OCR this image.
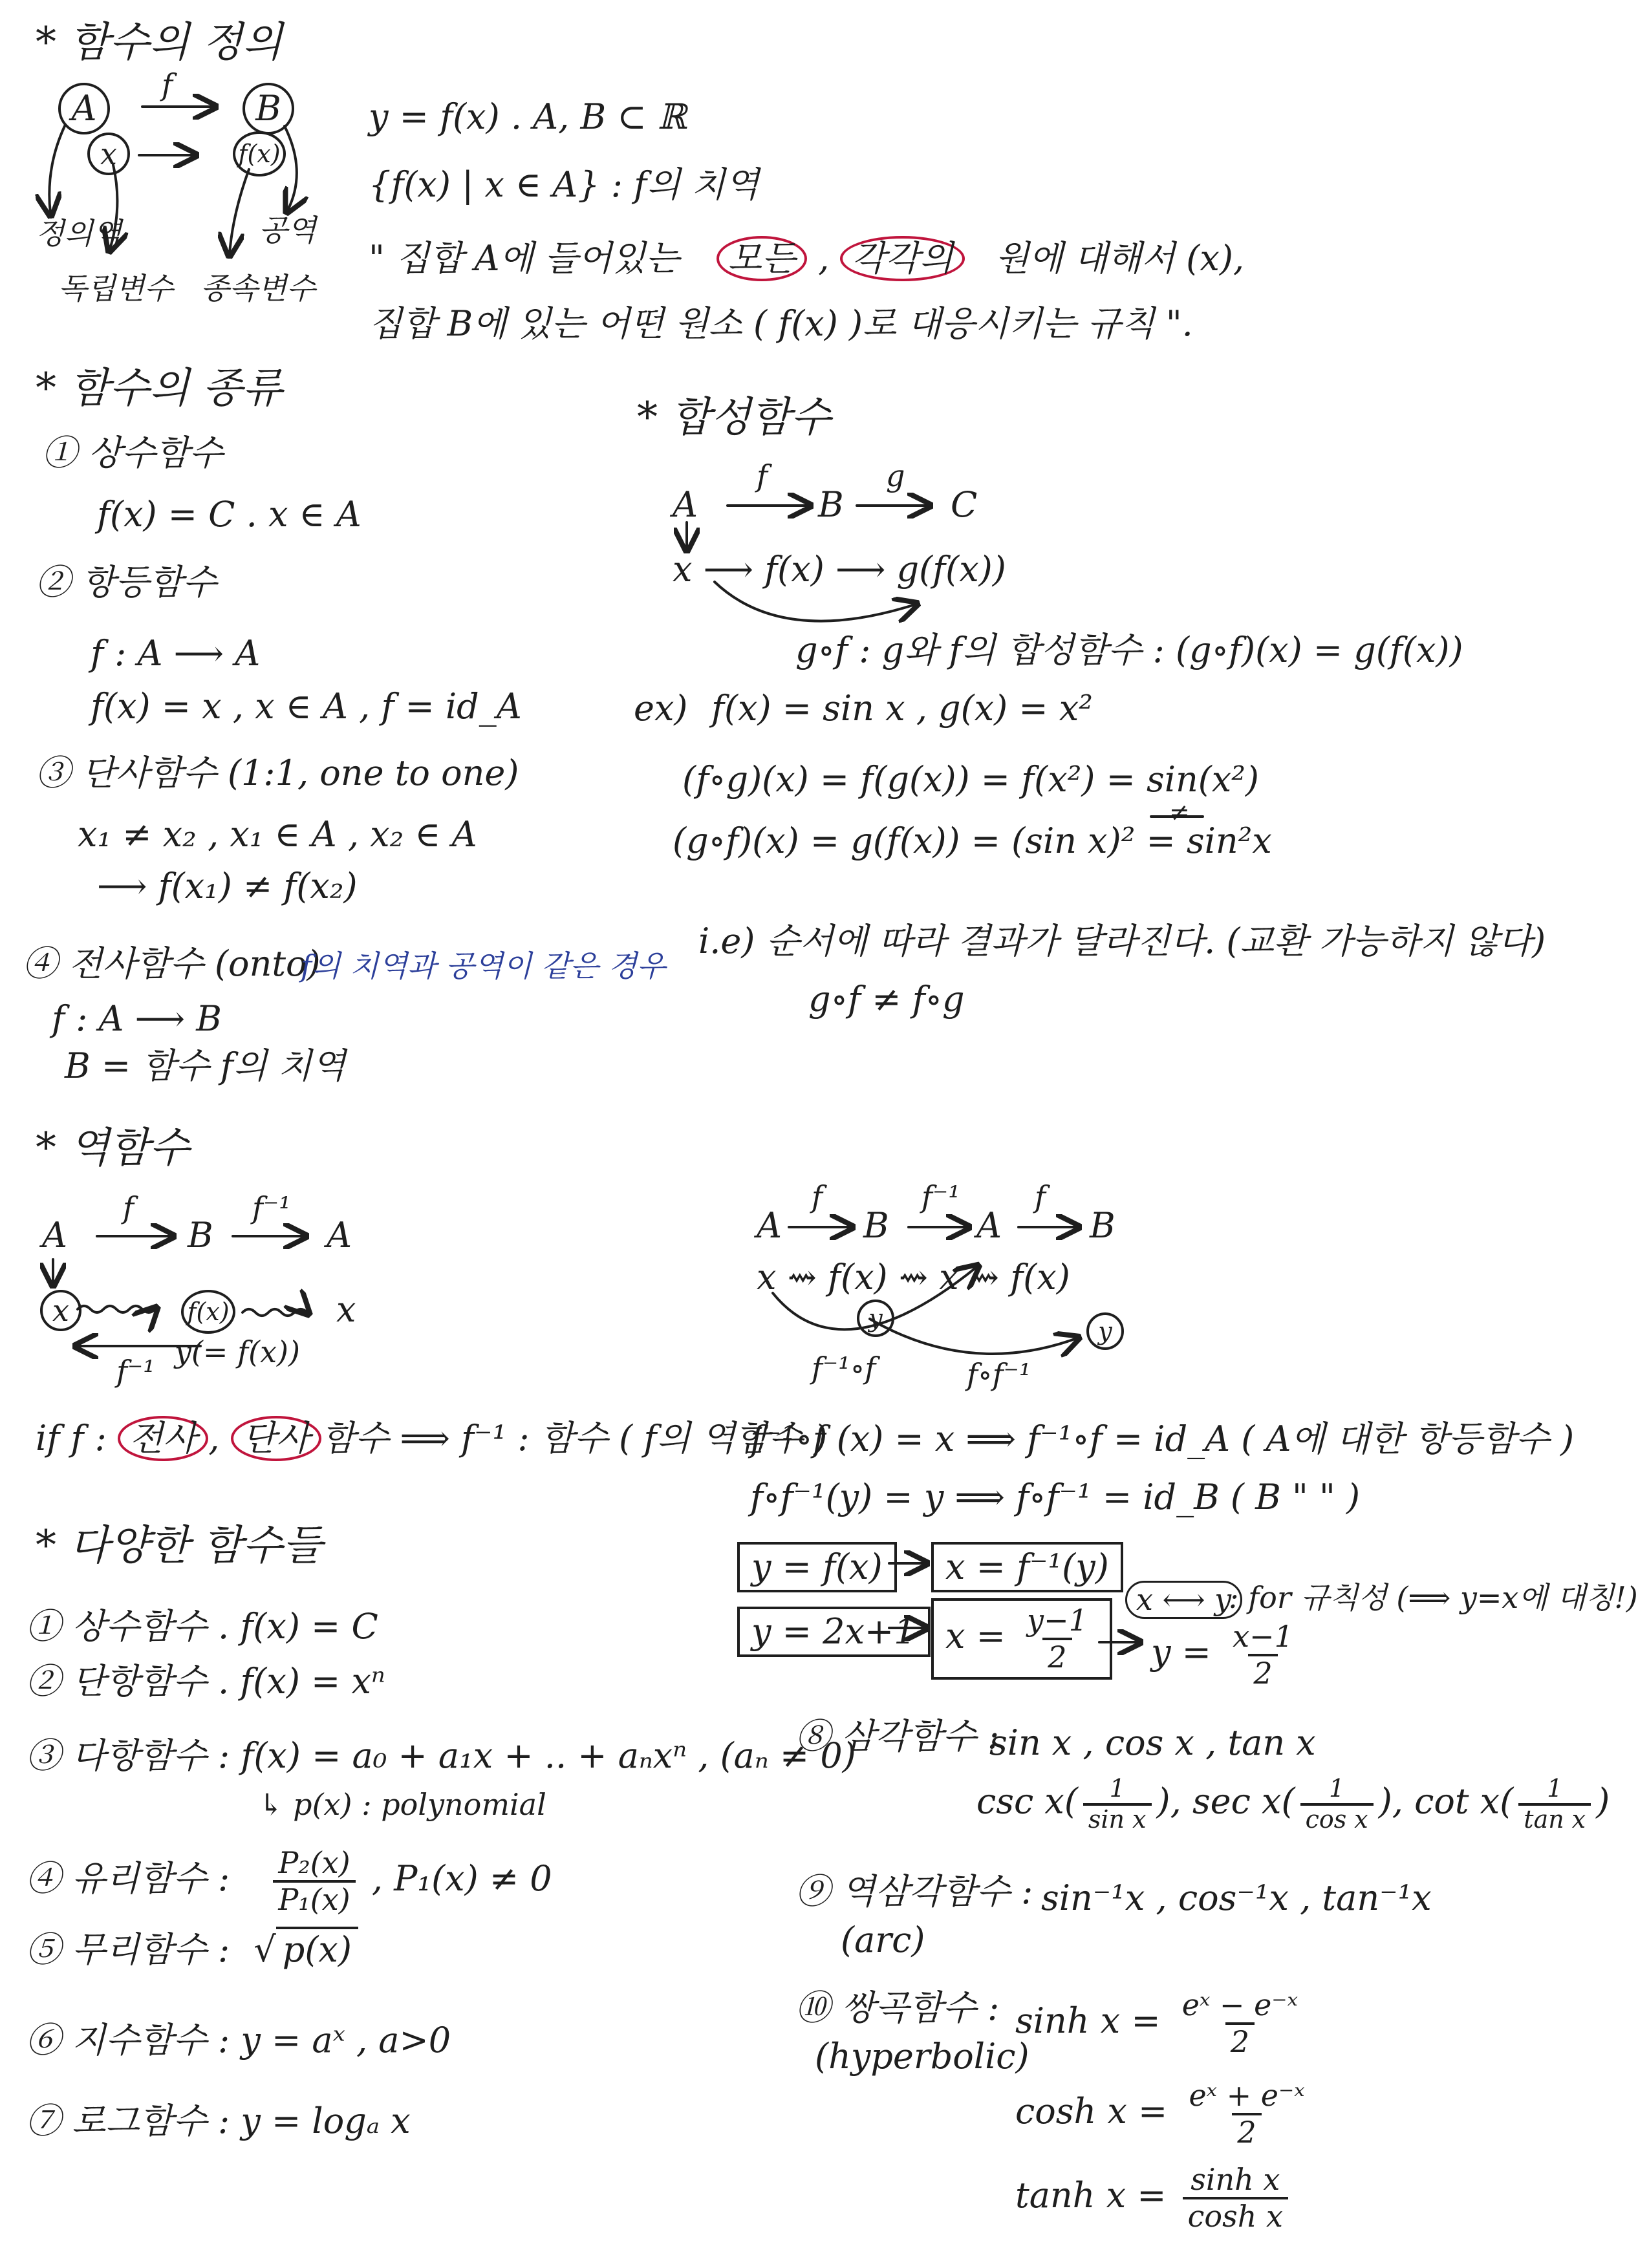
* 함수의 정의
A
f
B
x	f(x)
정의역	공역
독립변수 종속변수
y = f(x) . A, B ⊂ ℝ
{f(x) | x ∈ A} : f의 치역
" 집합 A에 들어있는 모든 , 각각의 원에 대해서 (x),
집합 B에 있는 어떤 원소 ( f(x) )로 대응시키는 규칙 ".
* 함수의 종류
① 상수함수
f(x) = C . x ∈ A
② 항등함수
f : A ⟶ A
f(x) = x , x ∈ A , f = id_A
③ 단사함수 (1:1, one to one)
x₁ ≠ x₂ , x₁ ∈ A , x₂ ∈ A
⟶ f(x₁) ≠ f(x₂)
④ 전사함수 (onto)
f의 치역과 공역이 같은 경우
f : A ⟶ B
B = 함수 f의 치역
* 합성함수
A
f
B
g
C
x ⟶ f(x) ⟶ g(f(x))
g∘f : g와 f의 합성함수 : (g∘f)(x) = g(f(x))
ex) f(x) = sin x , g(x) = x²
(f∘g)(x) = f(g(x)) = f(x²) = sin(x²)
≠
(g∘f)(x) = g(f(x)) = (sin x)² = sin²x
i.e) 순서에 따라 결과가 달라진다. (교환 가능하지 않다)
g∘f ≠ f∘g
* 역함수
A
f
B
f⁻¹
A
x	f(x)	x
f⁻¹
y(= f(x))
if f : 전사 , 단사 함수 ⟹ f⁻¹ : 함수 ( f의 역함수 )
A
f
B
f⁻¹
A
f
B
x ⇝ f(x) ⇝ x ⇝ f(x)
y	y
f⁻¹∘f	f∘f⁻¹
f⁻¹∘f (x) = x ⟹ f⁻¹∘f = id_A ( A에 대한 항등함수 )
f∘f⁻¹(y) = y ⟹ f∘f⁻¹ = id_B ( B " " )
y = f(x)	x = f⁻¹(y)
y = 2x+1 $x = \frac{y-1}{2}$
x ⟷ y
: for 규칙성 (⟹ y=x에 대칭!)
$y = \frac{x-1}{2}$
* 다양한 함수들
① 상수함수 . f(x) = C
② 단항함수 . f(x) = xⁿ
③ 다항함수 : f(x) = a₀ + a₁x + .. + aₙxⁿ , (aₙ ≠ 0)
↳ p(x) : polynomial
④ 유리함수 : $\frac{\text{P₂(x)}}{\text{P₁(x)}}$ , P₁(x) ≠ 0
⑤ 무리함수 : √ p(x)
⑥ 지수함수 : y = aˣ , a>0
⑦ 로그함수 : y = logₐ x
⑧ 삼각함수 :
sin x , cos x , tan x
$\csc x( \frac{1}{\text{sin x}}$ ), $\sec x( \frac{1}{\text{cos x}}$ ), $\cot x( \frac{1}{\text{tan x}}$ )
⑨ 역삼각함수 : sin⁻¹x , cos⁻¹x , tan⁻¹x
(arc)
⑩ 쌍곡함수 :
(hyperbolic)
$\sinh x = \frac{\text{eˣ − e⁻ˣ}}{2}$
$\cosh x = \frac{\text{eˣ + e⁻ˣ}}{2}$
$\tanh x = \frac{\text{sinh x}}{\text{cosh x}}$
